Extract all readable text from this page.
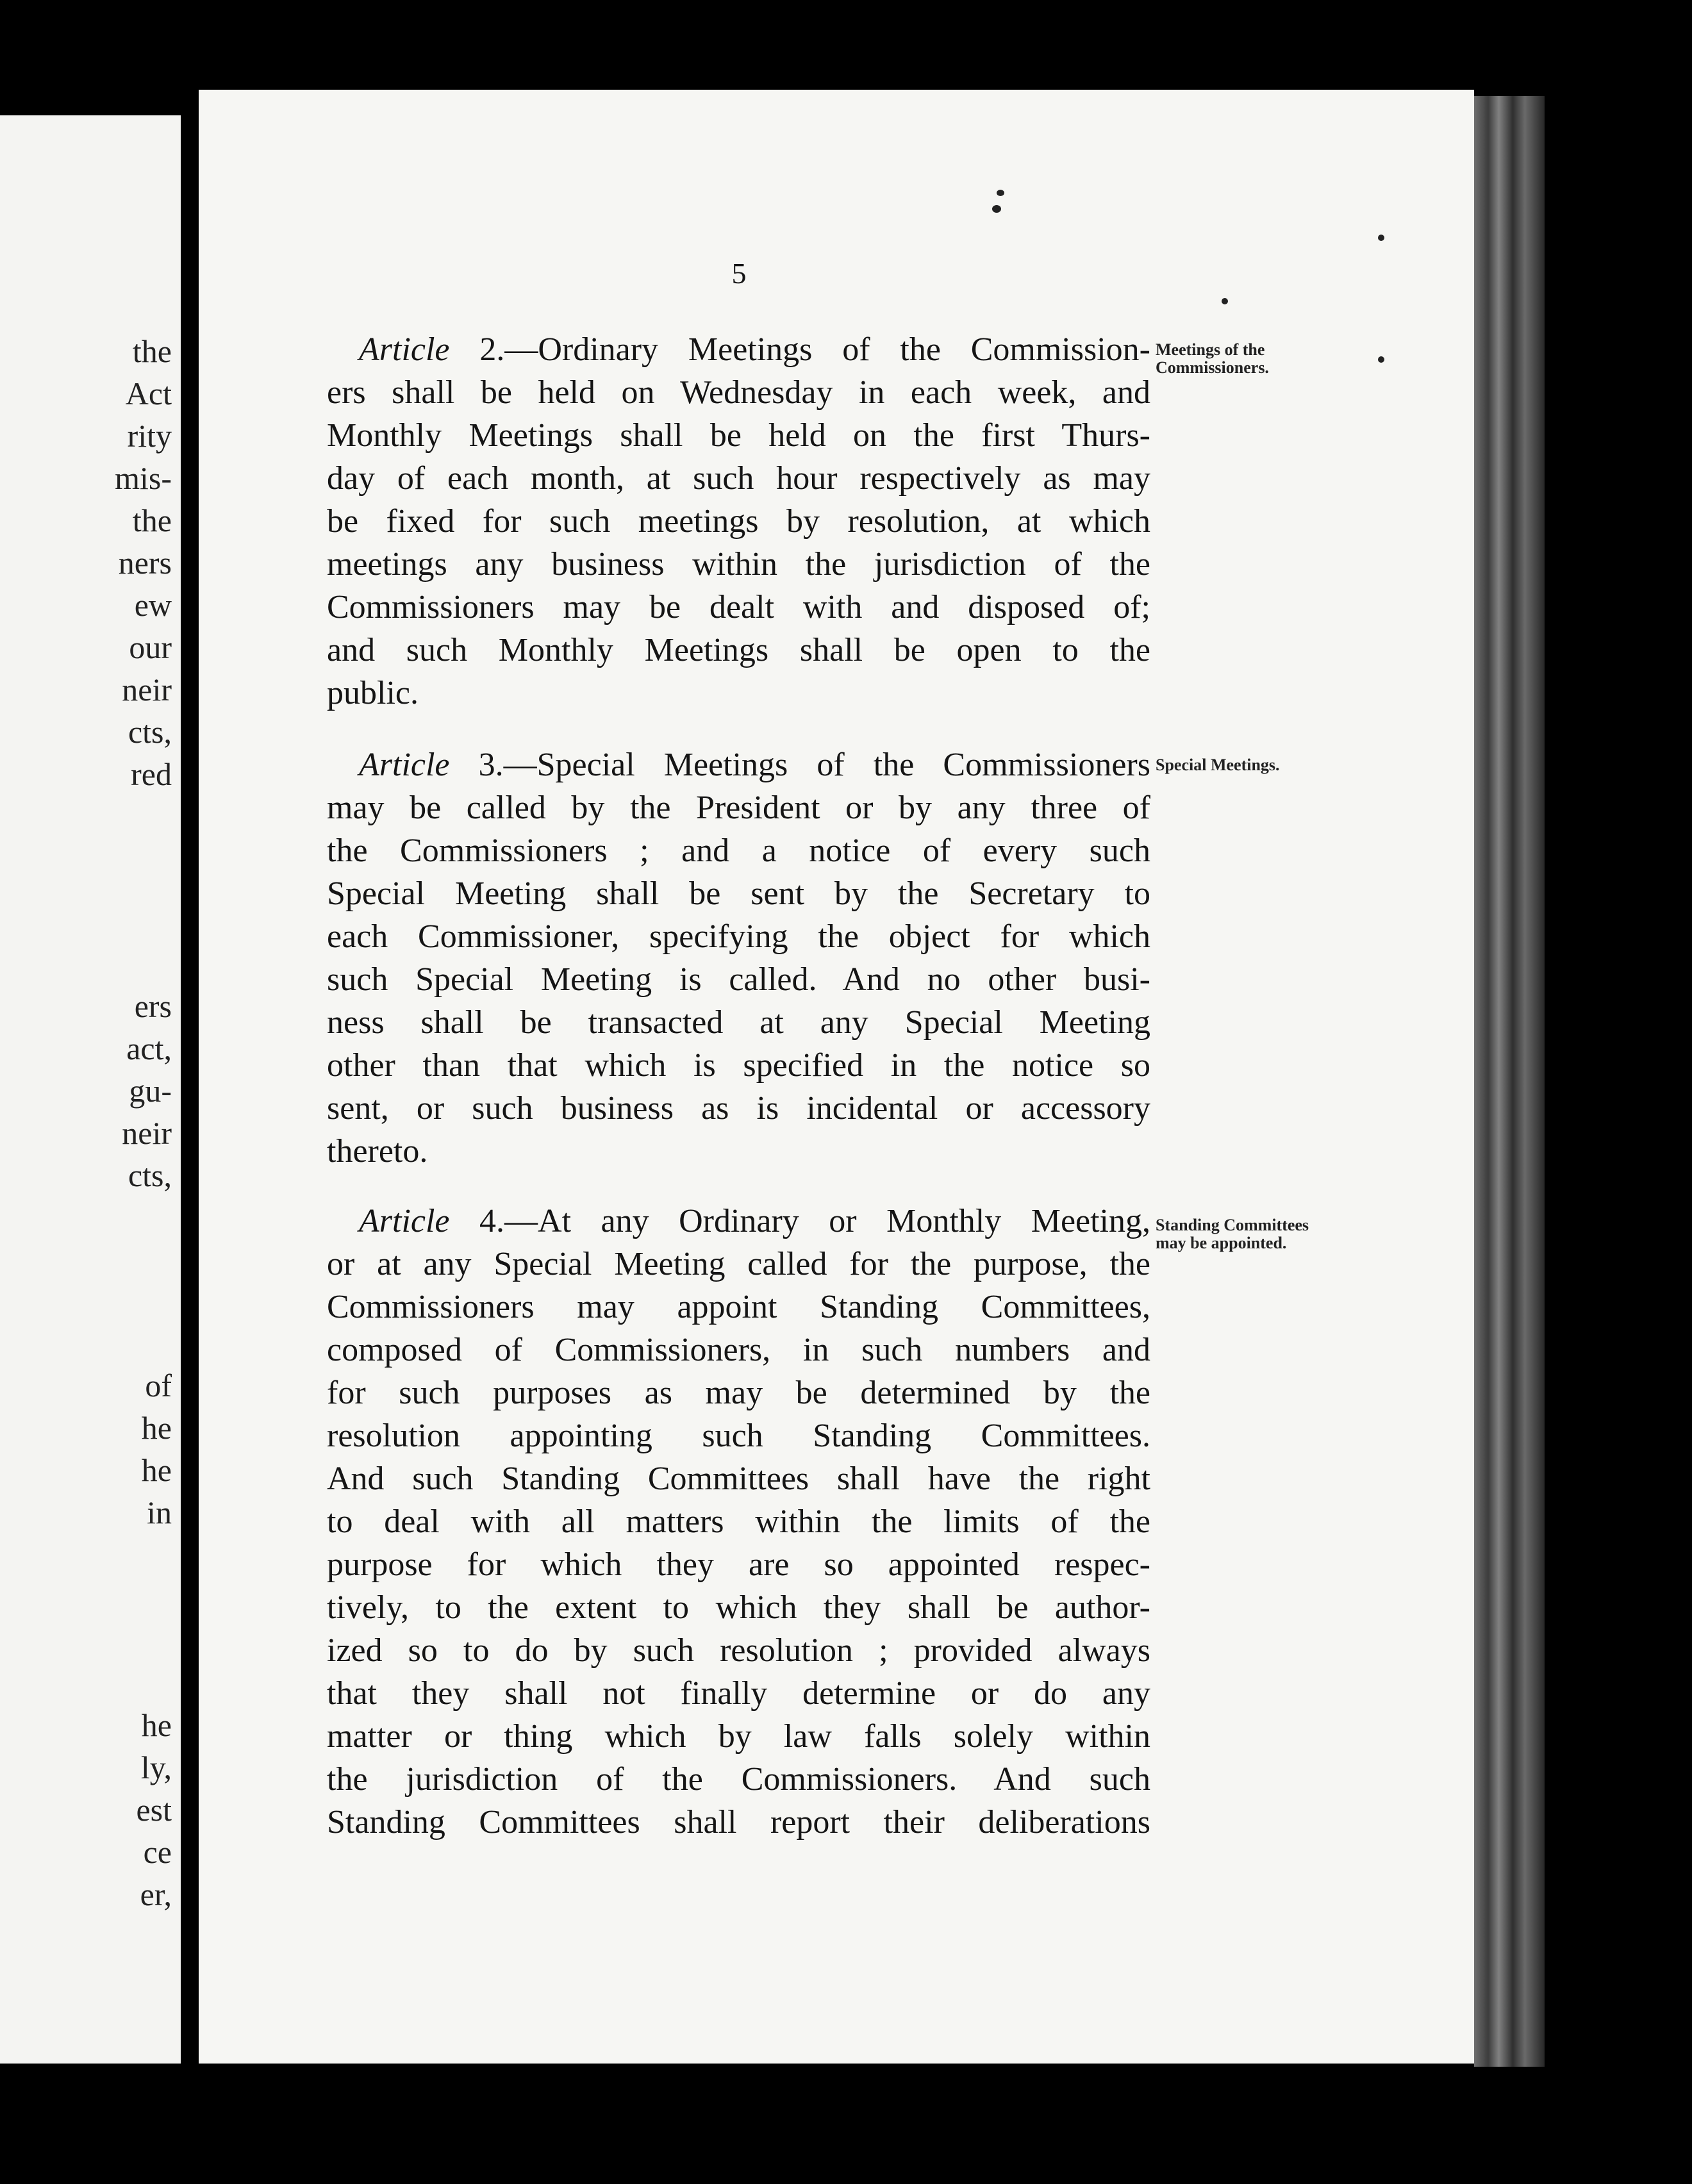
the
Act
rity
mis-
the
ners
ew
our
neir
cts,
red
ers
act,
gu-
neir
cts,
of
he
he
in
he
ly,
est
ce
er,
5
Article 2.—Ordinary Meetings of the Commission-
ers shall be held on Wednesday in each week, and
Monthly Meetings shall be held on the first Thurs-
day of each month, at such hour respectively as may
be fixed for such meetings by resolution, at which
meetings any business within the jurisdiction of the
Commissioners may be dealt with and disposed of;
and such Monthly Meetings shall be open to the
public.
Meetings of the Commissioners.
Article 3.—Special Meetings of the Commissioners
may be called by the President or by any three of
the Commissioners ; and a notice of every such
Special Meeting shall be sent by the Secretary to
each Commissioner, specifying the object for which
such Special Meeting is called. And no other busi-
ness shall be transacted at any Special Meeting
other than that which is specified in the notice so
sent, or such business as is incidental or accessory
thereto.
Special Meetings.
Article 4.—At any Ordinary or Monthly Meeting,
or at any Special Meeting called for the purpose, the
Commissioners may appoint Standing Committees,
composed of Commissioners, in such numbers and
for such purposes as may be determined by the
resolution appointing such Standing Committees.
And such Standing Committees shall have the right
to deal with all matters within the limits of the
purpose for which they are so appointed respec-
tively, to the extent to which they shall be author-
ized so to do by such resolution ; provided always
that they shall not finally determine or do any
matter or thing which by law falls solely within
the jurisdiction of the Commissioners. And such
Standing Committees shall report their deliberations
Standing Committees may be appointed.
